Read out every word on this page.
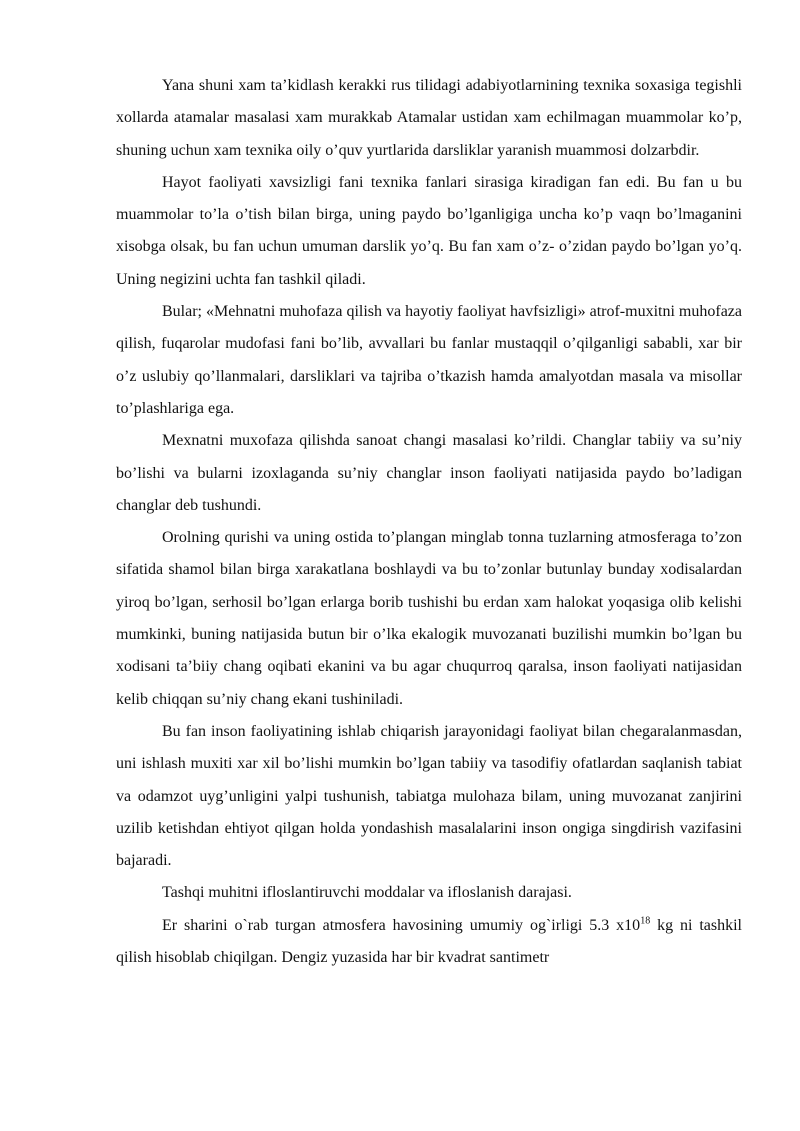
Yana shuni xam ta’kidlash kerakki rus tilidagi adabiyotlarnining texnika soxasiga tegishli xollarda atamalar masalasi xam murakkab Atamalar ustidan xam echilmagan muammolar ko’p, shuning uchun xam texnika oily o’quv yurtlarida darsliklar yaranish muammosi dolzarbdir.

Hayot faoliyati xavsizligi fani texnika fanlari sirasiga kiradigan fan edi. Bu fan u bu muammolar to’la o’tish bilan birga, uning paydo bo’lganligiga uncha ko’p vaqn bo’lmaganini xisobga olsak, bu fan uchun umuman darslik yo’q. Bu fan xam o’z- o’zidan paydo bo’lgan yo’q. Uning negizini uchta fan tashkil qiladi.

Bular; «Mehnatni muhofaza qilish va hayotiy faoliyat havfsizligi» atrof-muxitni muhofaza qilish, fuqarolar mudofasi fani bo’lib, avvallari bu fanlar mustaqqil o’qilganligi sababli, xar bir o’z uslubiy qo’llanmalari, darsliklari va tajriba o’tkazish hamda amalyotdan masala va misollar to’plashlariga ega.

Mexnatni muxofaza qilishda sanoat changi masalasi ko’rildi. Changlar tabiiy va su’niy bo’lishi va bularni izoxlaganda su’niy changlar inson faoliyati natijasida paydo bo’ladigan changlar deb tushundi.

Orolning qurishi va uning ostida to’plangan minglab tonna tuzlarning atmosferaga to’zon sifatida shamol bilan birga xarakatlana boshlaydi va bu to’zonlar butunlay bunday xodisalardan yiroq bo’lgan, serhosil bo’lgan erlarga borib tushishi bu erdan xam halokat yoqasiga olib kelishi mumkinki, buning natijasida butun bir o’lka ekalogik muvozanati buzilishi mumkin bo’lgan bu xodisani ta’biiy chang oqibati ekanini va bu agar chuqurroq qaralsa, inson faoliyati natijasidan kelib chiqqan su’niy chang ekani tushiniladi.

Bu fan inson faoliyatining ishlab chiqarish jarayonidagi faoliyat bilan chegaralanmasdan, uni ishlash muxiti xar xil bo’lishi mumkin bo’lgan tabiiy va tasodifiy ofatlardan saqlanish tabiat va odamzot uyg’unligini yalpi tushunish, tabiatga mulohaza bilam, uning muvozanat zanjirini uzilib ketishdan ehtiyot qilgan holda yondashish masalalarini inson ongiga singdirish vazifasini bajaradi.

Tashqi muhitni ifloslantiruvchi moddalar va ifloslanish darajasi.

Er sharini o`rab turgan atmosfera havosining umumiy og`irligi 5.3 $x10^{18}$ kg ni tashkil qilish hisoblab chiqilgan. Dengiz yuzasida har bir kvadrat santimetr
